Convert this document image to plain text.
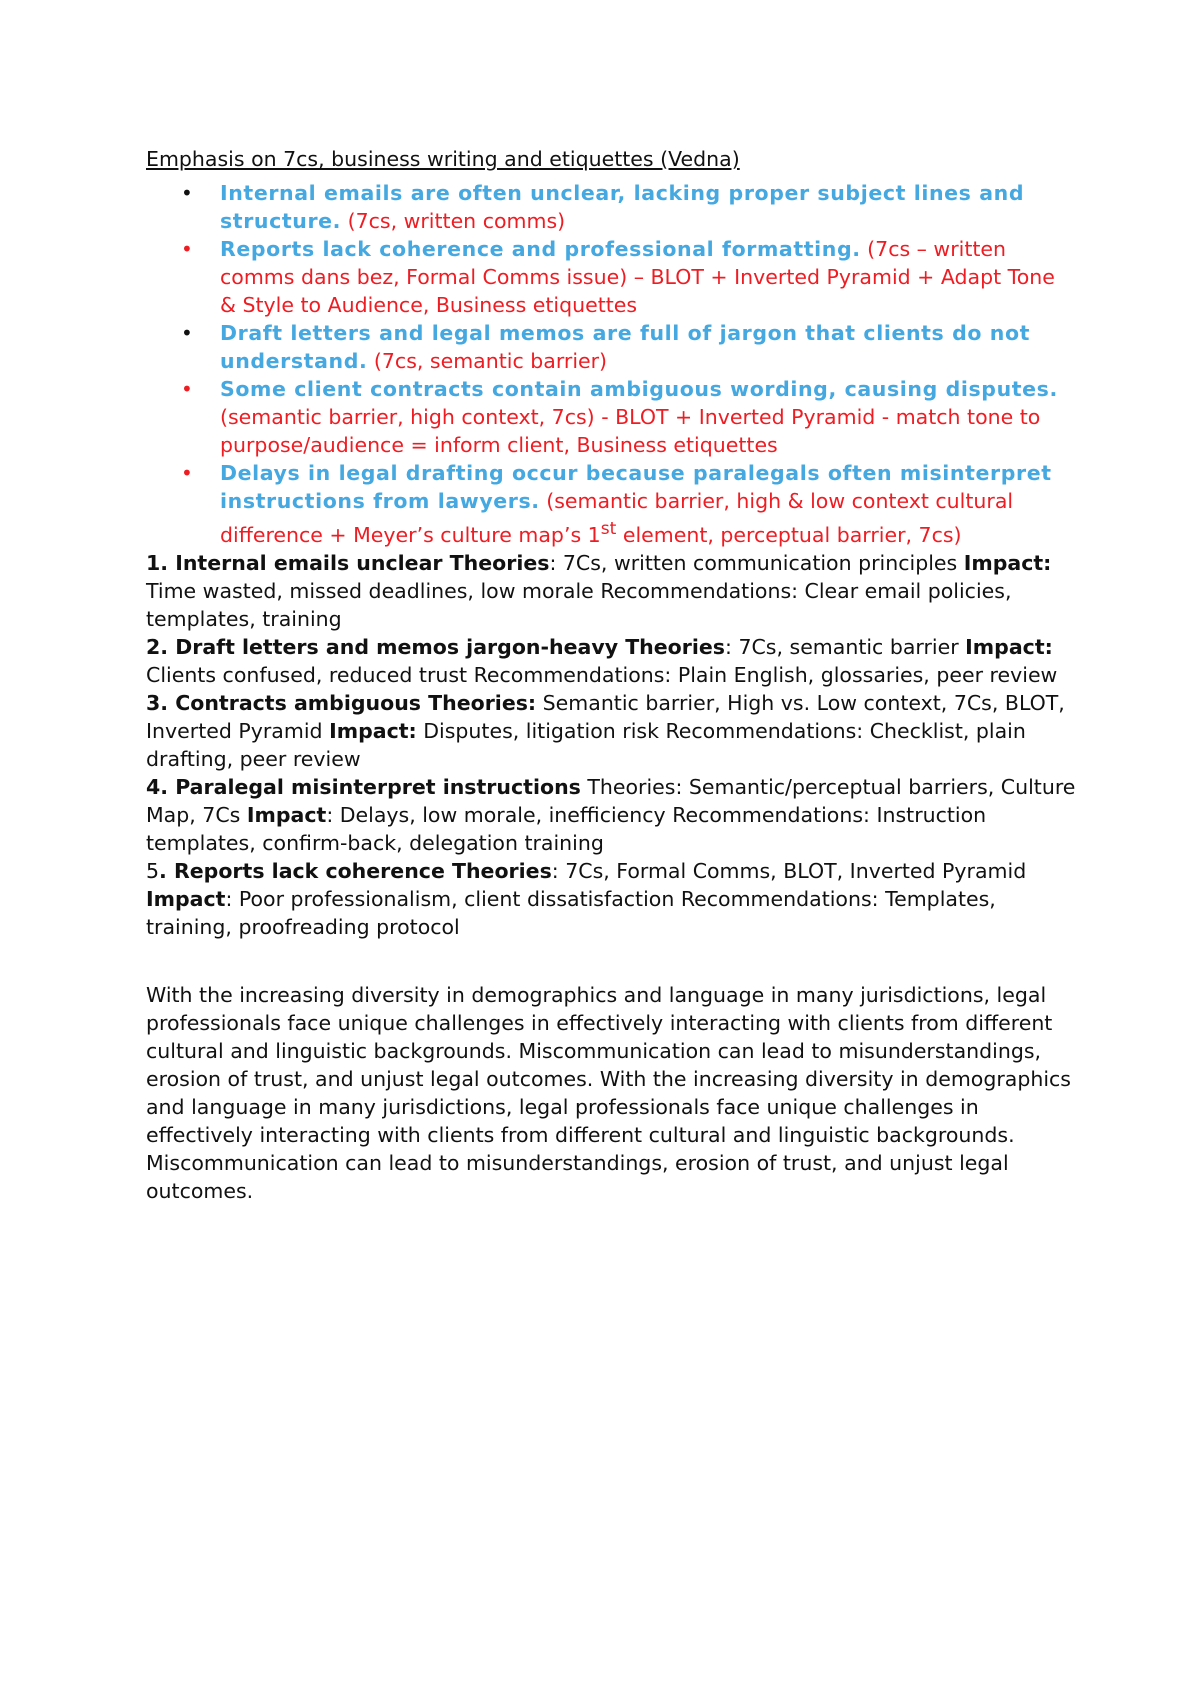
Emphasis on 7cs, business writing and etiquettes (Vedna)
• Internal emails are often unclear, lacking proper subject lines and structure. (7cs, written comms)
• Reports lack coherence and professional formatting. (7cs – written comms dans bez, Formal Comms issue) – BLOT + Inverted Pyramid + Adapt Tone & Style to Audience, Business etiquettes
• Draft letters and legal memos are full of jargon that clients do not understand. (7cs, semantic barrier)
• Some client contracts contain ambiguous wording, causing disputes. (semantic barrier, high context, 7cs) - BLOT + Inverted Pyramid - match tone to purpose/audience = inform client, Business etiquettes
• Delays in legal drafting occur because paralegals often misinterpret instructions from lawyers. (semantic barrier, high & low context cultural difference + Meyer’s culture map’s 1st element, perceptual barrier, 7cs)

1. Internal emails unclear Theories: 7Cs, written communication principles Impact: Time wasted, missed deadlines, low morale Recommendations: Clear email policies, templates, training

2. Draft letters and memos jargon-heavy Theories: 7Cs, semantic barrier Impact: Clients confused, reduced trust Recommendations: Plain English, glossaries, peer review

3. Contracts ambiguous Theories: Semantic barrier, High vs. Low context, 7Cs, BLOT, Inverted Pyramid Impact: Disputes, litigation risk Recommendations: Checklist, plain drafting, peer review

4. Paralegal misinterpret instructions Theories: Semantic/perceptual barriers, Culture Map, 7Cs Impact: Delays, low morale, inefficiency Recommendations: Instruction templates, confirm-back, delegation training

5. Reports lack coherence Theories: 7Cs, Formal Comms, BLOT, Inverted Pyramid Impact: Poor professionalism, client dissatisfaction Recommendations: Templates, training, proofreading protocol

With the increasing diversity in demographics and language in many jurisdictions, legal professionals face unique challenges in effectively interacting with clients from different cultural and linguistic backgrounds. Miscommunication can lead to misunderstandings, erosion of trust, and unjust legal outcomes. With the increasing diversity in demographics and language in many jurisdictions, legal professionals face unique challenges in effectively interacting with clients from different cultural and linguistic backgrounds. Miscommunication can lead to misunderstandings, erosion of trust, and unjust legal outcomes.
